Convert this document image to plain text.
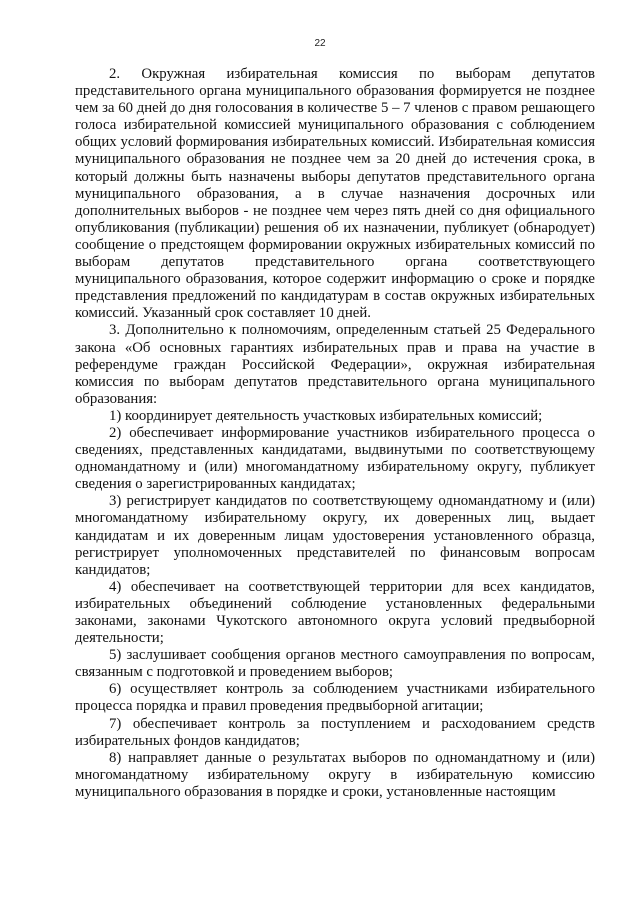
22

2. Окружная избирательная комиссия по выборам депутатов представительного органа муниципального образования формируется не позднее чем за 60 дней до дня голосования в количестве 5 – 7 членов с правом решающего голоса избирательной комиссией муниципального образования с соблюдением общих условий формирования избирательных комиссий. Избирательная комиссия муниципального образования не позднее чем за 20 дней до истечения срока, в который должны быть назначены выборы депутатов представительного органа муниципального образования, а в случае назначения досрочных или дополнительных выборов - не позднее чем через пять дней со дня официального опубликования (публикации) решения об их назначении, публикует (обнародует) сообщение о предстоящем формировании окружных избирательных комиссий по выборам депутатов представительного органа соответствующего муниципального образования, которое содержит информацию о сроке и порядке представления предложений по кандидатурам в состав окружных избирательных комиссий. Указанный срок составляет 10 дней.

3. Дополнительно к полномочиям, определенным статьей 25 Федерального закона «Об основных гарантиях избирательных прав и права на участие в референдуме граждан Российской Федерации», окружная избирательная комиссия по выборам депутатов представительного органа муниципального образования:

1) координирует деятельность участковых избирательных комиссий;

2) обеспечивает информирование участников избирательного процесса о сведениях, представленных кандидатами, выдвинутыми по соответствующему одномандатному и (или) многомандатному избирательному округу, публикует сведения о зарегистрированных кандидатах;

3) регистрирует кандидатов по соответствующему одномандатному и (или) многомандатному избирательному округу, их доверенных лиц, выдает кандидатам и их доверенным лицам удостоверения установленного образца, регистрирует уполномоченных представителей по финансовым вопросам кандидатов;

4) обеспечивает на соответствующей территории для всех кандидатов, избирательных объединений соблюдение установленных федеральными законами, законами Чукотского автономного округа условий предвыборной деятельности;

5) заслушивает сообщения органов местного самоуправления по вопросам, связанным с подготовкой и проведением выборов;

6) осуществляет контроль за соблюдением участниками избирательного процесса порядка и правил проведения предвыборной агитации;

7) обеспечивает контроль за поступлением и расходованием средств избирательных фондов кандидатов;

8) направляет данные о результатах выборов по одномандатному и (или) многомандатному избирательному округу в избирательную комиссию муниципального образования в порядке и сроки, установленные настоящим
